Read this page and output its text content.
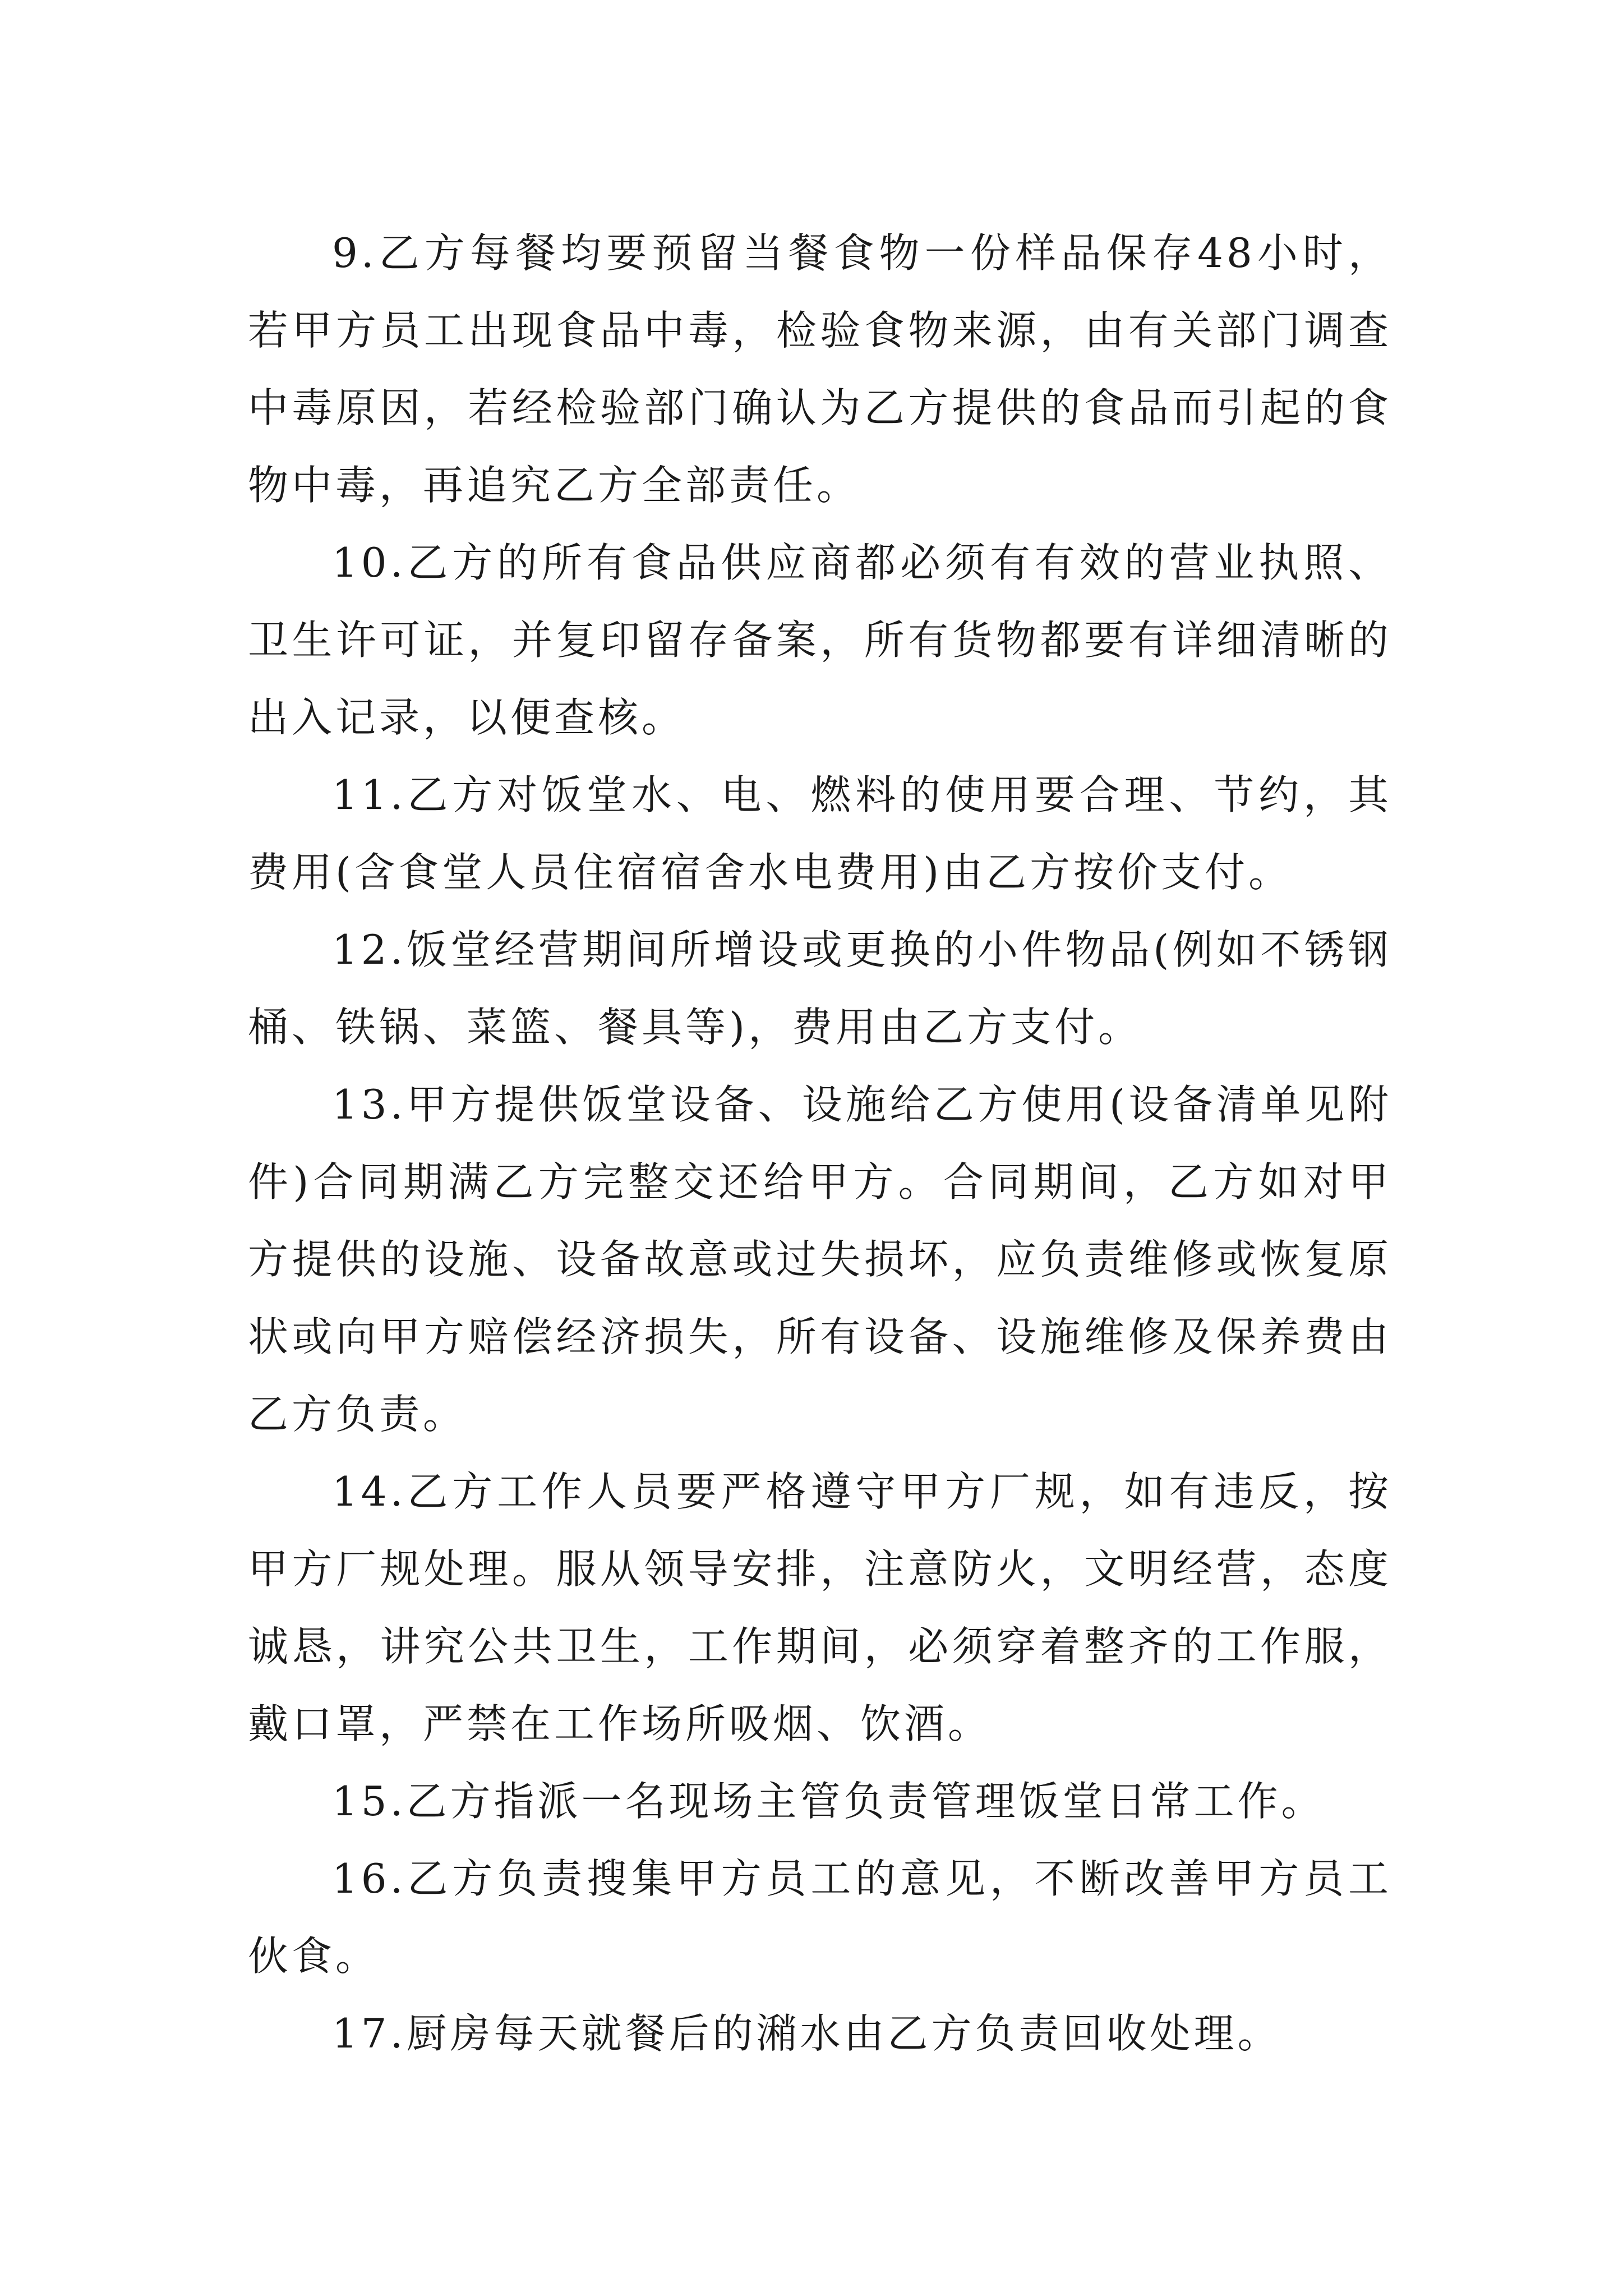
9.乙方每餐均要预留当餐食物一份样品保存48小时，若甲方员工出现食品中毒，检验食物来源，由有关部门调查中毒原因，若经检验部门确认为乙方提供的食品而引起的食物中毒，再追究乙方全部责任。

10.乙方的所有食品供应商都必须有有效的营业执照、卫生许可证，并复印留存备案，所有货物都要有详细清晰的出入记录，以便查核。

11.乙方对饭堂水、电、燃料的使用要合理、节约，其费用(含食堂人员住宿宿舍水电费用)由乙方按价支付。

12.饭堂经营期间所增设或更换的小件物品(例如不锈钢桶、铁锅、菜篮、餐具等)，费用由乙方支付。

13.甲方提供饭堂设备、设施给乙方使用(设备清单见附件)合同期满乙方完整交还给甲方。合同期间，乙方如对甲方提供的设施、设备故意或过失损坏，应负责维修或恢复原状或向甲方赔偿经济损失，所有设备、设施维修及保养费由乙方负责。

14.乙方工作人员要严格遵守甲方厂规，如有违反，按甲方厂规处理。服从领导安排，注意防火，文明经营，态度诚恳，讲究公共卫生，工作期间，必须穿着整齐的工作服，戴口罩，严禁在工作场所吸烟、饮酒。

15.乙方指派一名现场主管负责管理饭堂日常工作。

16.乙方负责搜集甲方员工的意见，不断改善甲方员工伙食。

17.厨房每天就餐后的潲水由乙方负责回收处理。
